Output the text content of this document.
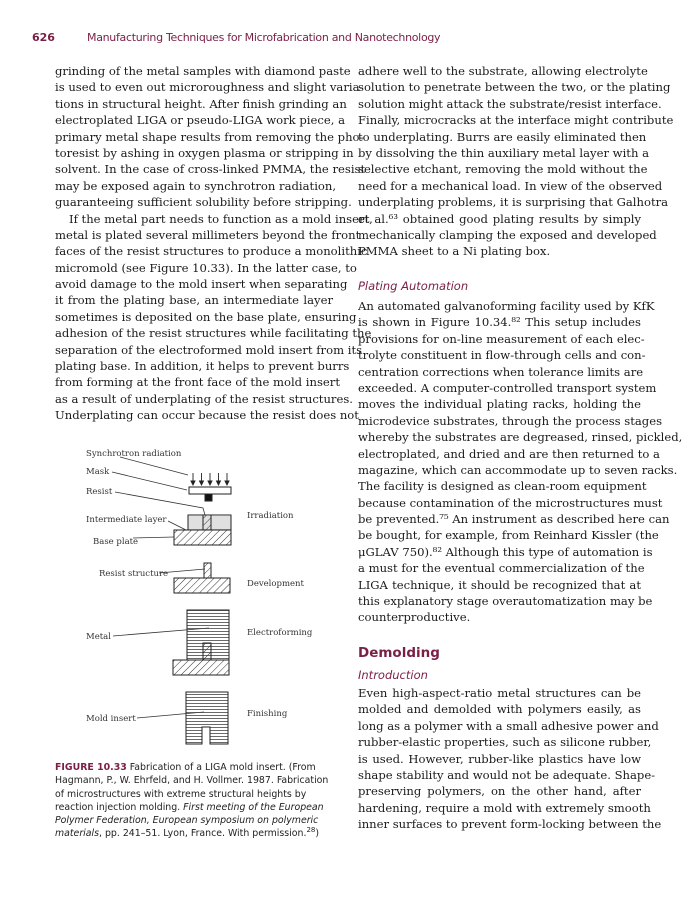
626	Manufacturing Techniques for Microfabrication and Nanotechnology
grinding of the metal samples with diamond paste
is used to even out microroughness and slight varia-
tions in structural height. After finish grinding an
electroplated LIGA or pseudo-LIGA work piece, a
primary metal shape results from removing the pho-
toresist by ashing in oxygen plasma or stripping in
solvent. In the case of cross-linked PMMA, the resist
may be exposed again to synchrotron radiation,
guaranteeing sufficient solubility before stripping.
If the metal part needs to function as a mold insert,
metal is plated several millimeters beyond the front
faces of the resist structures to produce a monolithic
micromold (see Figure 10.33). In the latter case, to
avoid damage to the mold insert when separating
it from the plating base, an intermediate layer
sometimes is deposited on the base plate, ensuring
adhesion of the resist structures while facilitating the
separation of the electroformed mold insert from its
plating base. In addition, it helps to prevent burrs
from forming at the front face of the mold insert
as a result of underplating of the resist structures.
Underplating can occur because the resist does not
adhere well to the substrate, allowing electrolyte
solution to penetrate between the two, or the plating
solution might attack the substrate/resist interface.
Finally, microcracks at the interface might contribute
to underplating. Burrs are easily eliminated then
by dissolving the thin auxiliary metal layer with a
selective etchant, removing the mold without the
need for a mechanical load. In view of the observed
underplating problems, it is surprising that Galhotra
et al.⁶³ obtained good plating results by simply
mechanically clamping the exposed and developed
PMMA sheet to a Ni plating box.
Plating Automation
An automated galvanoforming facility used by KfK
is shown in Figure 10.34.⁸² This setup includes
provisions for on-line measurement of each elec-
trolyte constituent in flow-through cells and con-
centration corrections when tolerance limits are
exceeded. A computer-controlled transport system
moves the individual plating racks, holding the
microdevice substrates, through the process stages
whereby the substrates are degreased, rinsed, pickled,
electroplated, and dried and are then returned to a
magazine, which can accommodate up to seven racks.
The facility is designed as clean-room equipment
because contamination of the microstructures must
be prevented.⁷⁵ An instrument as described here can
be bought, for example, from Reinhard Kissler (the
μGLAV 750).⁸² Although this type of automation is
a must for the eventual commercialization of the
LIGA technique, it should be recognized that at
this explanatory stage overautomatization may be
counterproductive.
Demolding
Introduction
Even high-aspect-ratio metal structures can be
molded and demolded with polymers easily, as
long as a polymer with a small adhesive power and
rubber-elastic properties, such as silicone rubber,
is used. However, rubber-like plastics have low
shape stability and would not be adequate. Shape-
preserving polymers, on the other hand, after
hardening, require a mold with extremely smooth
inner surfaces to prevent form-locking between the
Synchrotron radiation
Mask
Resist
Intermediate layer
Base plate
Resist structure
Metal
Mold insert
Irradiation
Development
Electroforming
Finishing
FIGURE 10.33 Fabrication of a LIGA mold insert. (From Hagmann, P., W. Ehrfeld, and H. Vollmer. 1987. Fabrication of microstructures with extreme structural heights by reaction injection molding. First meeting of the European Polymer Federation, European symposium on polymeric materials, pp. 241–51. Lyon, France. With permission.$^{28}$)
